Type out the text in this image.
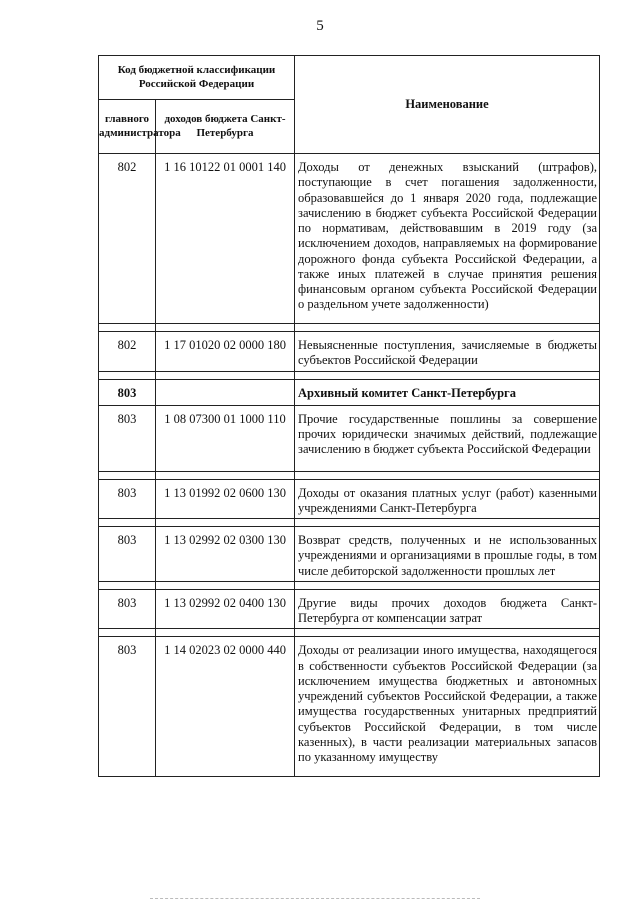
5
Код бюджетной классификации Российской Федерации		Наименование
главного администратора	доходов бюджета Санкт-Петербурга	
802	1 16 10122 01 0001 140	Доходы от денежных взысканий (штрафов), поступающие в счет погашения задолженности, образовавшейся до 1 января 2020 года, подлежащие зачислению в бюджет субъекта Российской Федерации по нормативам, действовавшим в 2019 году (за исключением доходов, направляемых на формирование дорожного фонда субъекта Российской Федерации, а также иных платежей в случае принятия решения финансовым органом субъекта Российской Федерации о раздельном учете задолженности)

802	1 17 01020 02 0000 180	Невыясненные поступления, зачисляемые в бюджеты субъектов Российской Федерации

803		Архивный комитет Санкт-Петербурга
803	1 08 07300 01 1000 110	Прочие государственные пошлины за совершение прочих юридически значимых действий, подлежащие зачислению в бюджет субъекта Российской Федерации

803	1 13 01992 02 0600 130	Доходы от оказания платных услуг (работ) казенными учреждениями Санкт-Петербурга

803	1 13 02992 02 0300 130	Возврат средств, полученных и не использованных учреждениями и организациями в прошлые годы, в том числе дебиторской задолженности прошлых лет

803	1 13 02992 02 0400 130	Другие виды прочих доходов бюджета Санкт-Петербурга от компенсации затрат

803	1 14 02023 02 0000 440	Доходы от реализации иного имущества, находящегося в собственности субъектов Российской Федерации (за исключением имущества бюджетных и автономных учреждений субъектов Российской Федерации, а также имущества государственных унитарных предприятий субъектов Российской Федерации, в том числе казенных), в части реализации материальных запасов по указанному имуществу
